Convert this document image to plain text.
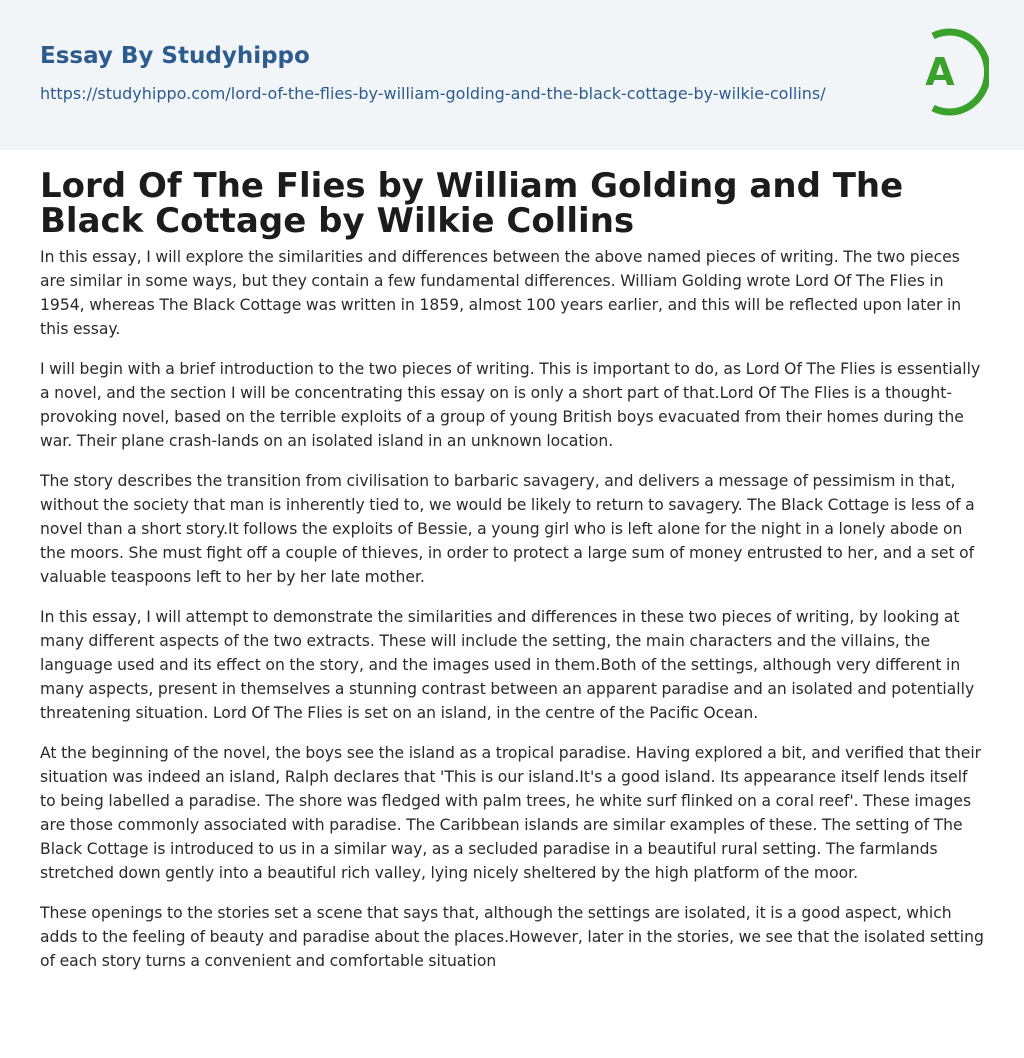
Essay By Studyhippo
https://studyhippo.com/lord-of-the-flies-by-william-golding-and-the-black-cottage-by-wilkie-collins/	A
Lord Of The Flies by William Golding and The Black Cottage by Wilkie Collins

In this essay, I will explore the similarities and differences between the above named pieces of writing. The two pieces are similar in some ways, but they contain a few fundamental differences. William Golding wrote Lord Of The Flies in 1954, whereas The Black Cottage was written in 1859, almost 100 years earlier, and this will be reflected upon later in this essay.

I will begin with a brief introduction to the two pieces of writing. This is important to do, as Lord Of The Flies is essentially a novel, and the section I will be concentrating this essay on is only a short part of that.Lord Of The Flies is a thought-provoking novel, based on the terrible exploits of a group of young British boys evacuated from their homes during the war. Their plane crash-lands on an isolated island in an unknown location.

The story describes the transition from civilisation to barbaric savagery, and delivers a message of pessimism in that, without the society that man is inherently tied to, we would be likely to return to savagery. The Black Cottage is less of a novel than a short story.It follows the exploits of Bessie, a young girl who is left alone for the night in a lonely abode on the moors. She must fight off a couple of thieves, in order to protect a large sum of money entrusted to her, and a set of valuable teaspoons left to her by her late mother.

In this essay, I will attempt to demonstrate the similarities and differences in these two pieces of writing, by looking at many different aspects of the two extracts. These will include the setting, the main characters and the villains, the language used and its effect on the story, and the images used in them.Both of the settings, although very different in many aspects, present in themselves a stunning contrast between an apparent paradise and an isolated and potentially threatening situation. Lord Of The Flies is set on an island, in the centre of the Pacific Ocean.

At the beginning of the novel, the boys see the island as a tropical paradise. Having explored a bit, and verified that their situation was indeed an island, Ralph declares that 'This is our island.It's a good island. Its appearance itself lends itself to being labelled a paradise. The shore was fledged with palm trees, he white surf flinked on a coral reef'. These images are those commonly associated with paradise. The Caribbean islands are similar examples of these. The setting of The Black Cottage is introduced to us in a similar way, as a secluded paradise in a beautiful rural setting. The farmlands stretched down gently into a beautiful rich valley, lying nicely sheltered by the high platform of the moor.

These openings to the stories set a scene that says that, although the settings are isolated, it is a good aspect, which adds to the feeling of beauty and paradise about the places.However, later in the stories, we see that the isolated setting of each story turns a convenient and comfortable situation
